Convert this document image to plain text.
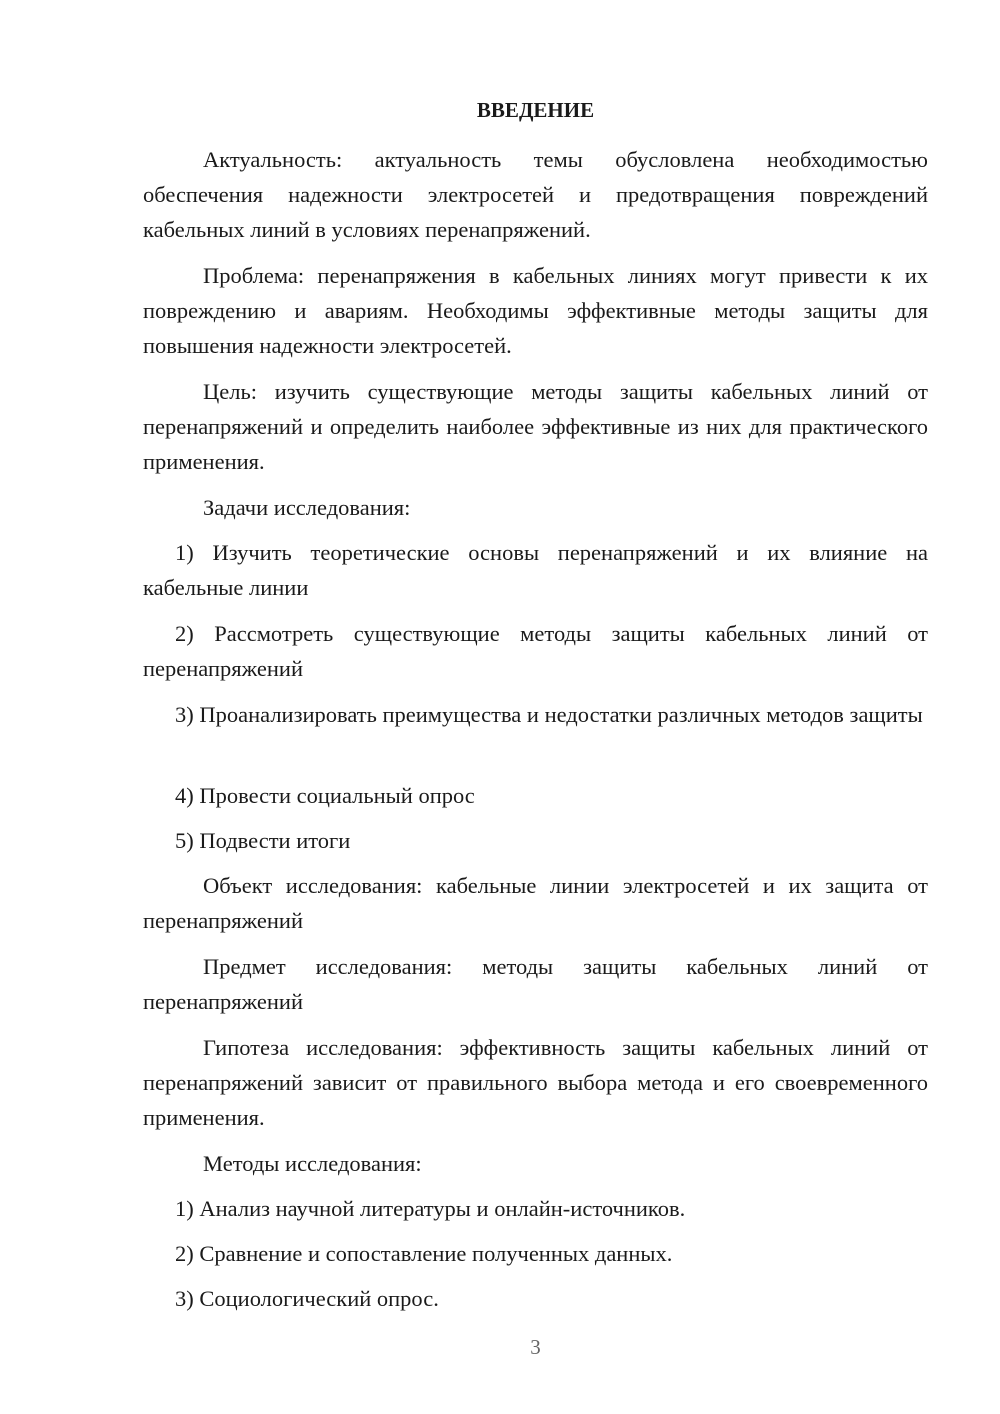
ВВЕДЕНИЕ

Актуальность: актуальность темы обусловлена необходимостью обеспечения надежности электросетей и предотвращения повреждений кабельных линий в условиях перенапряжений.

Проблема: перенапряжения в кабельных линиях могут привести к их повреждению и авариям. Необходимы эффективные методы защиты для повышения надежности электросетей.

Цель: изучить существующие методы защиты кабельных линий от перенапряжений и определить наиболее эффективные из них для практического применения.

Задачи исследования:

1) Изучить теоретические основы перенапряжений и их влияние на кабельные линии

2) Рассмотреть существующие методы защиты кабельных линий от перенапряжений

3) Проанализировать преимущества и недостатки различных методов защиты

4) Провести социальный опрос

5) Подвести итоги

Объект исследования: кабельные линии электросетей и их защита от перенапряжений

Предмет исследования: методы защиты кабельных линий от перенапряжений

Гипотеза исследования: эффективность защиты кабельных линий от перенапряжений зависит от правильного выбора метода и его своевременного применения.

Методы исследования:

1) Анализ научной литературы и онлайн-источников.

2) Сравнение и сопоставление полученных данных.

3) Социологический опрос.

3
